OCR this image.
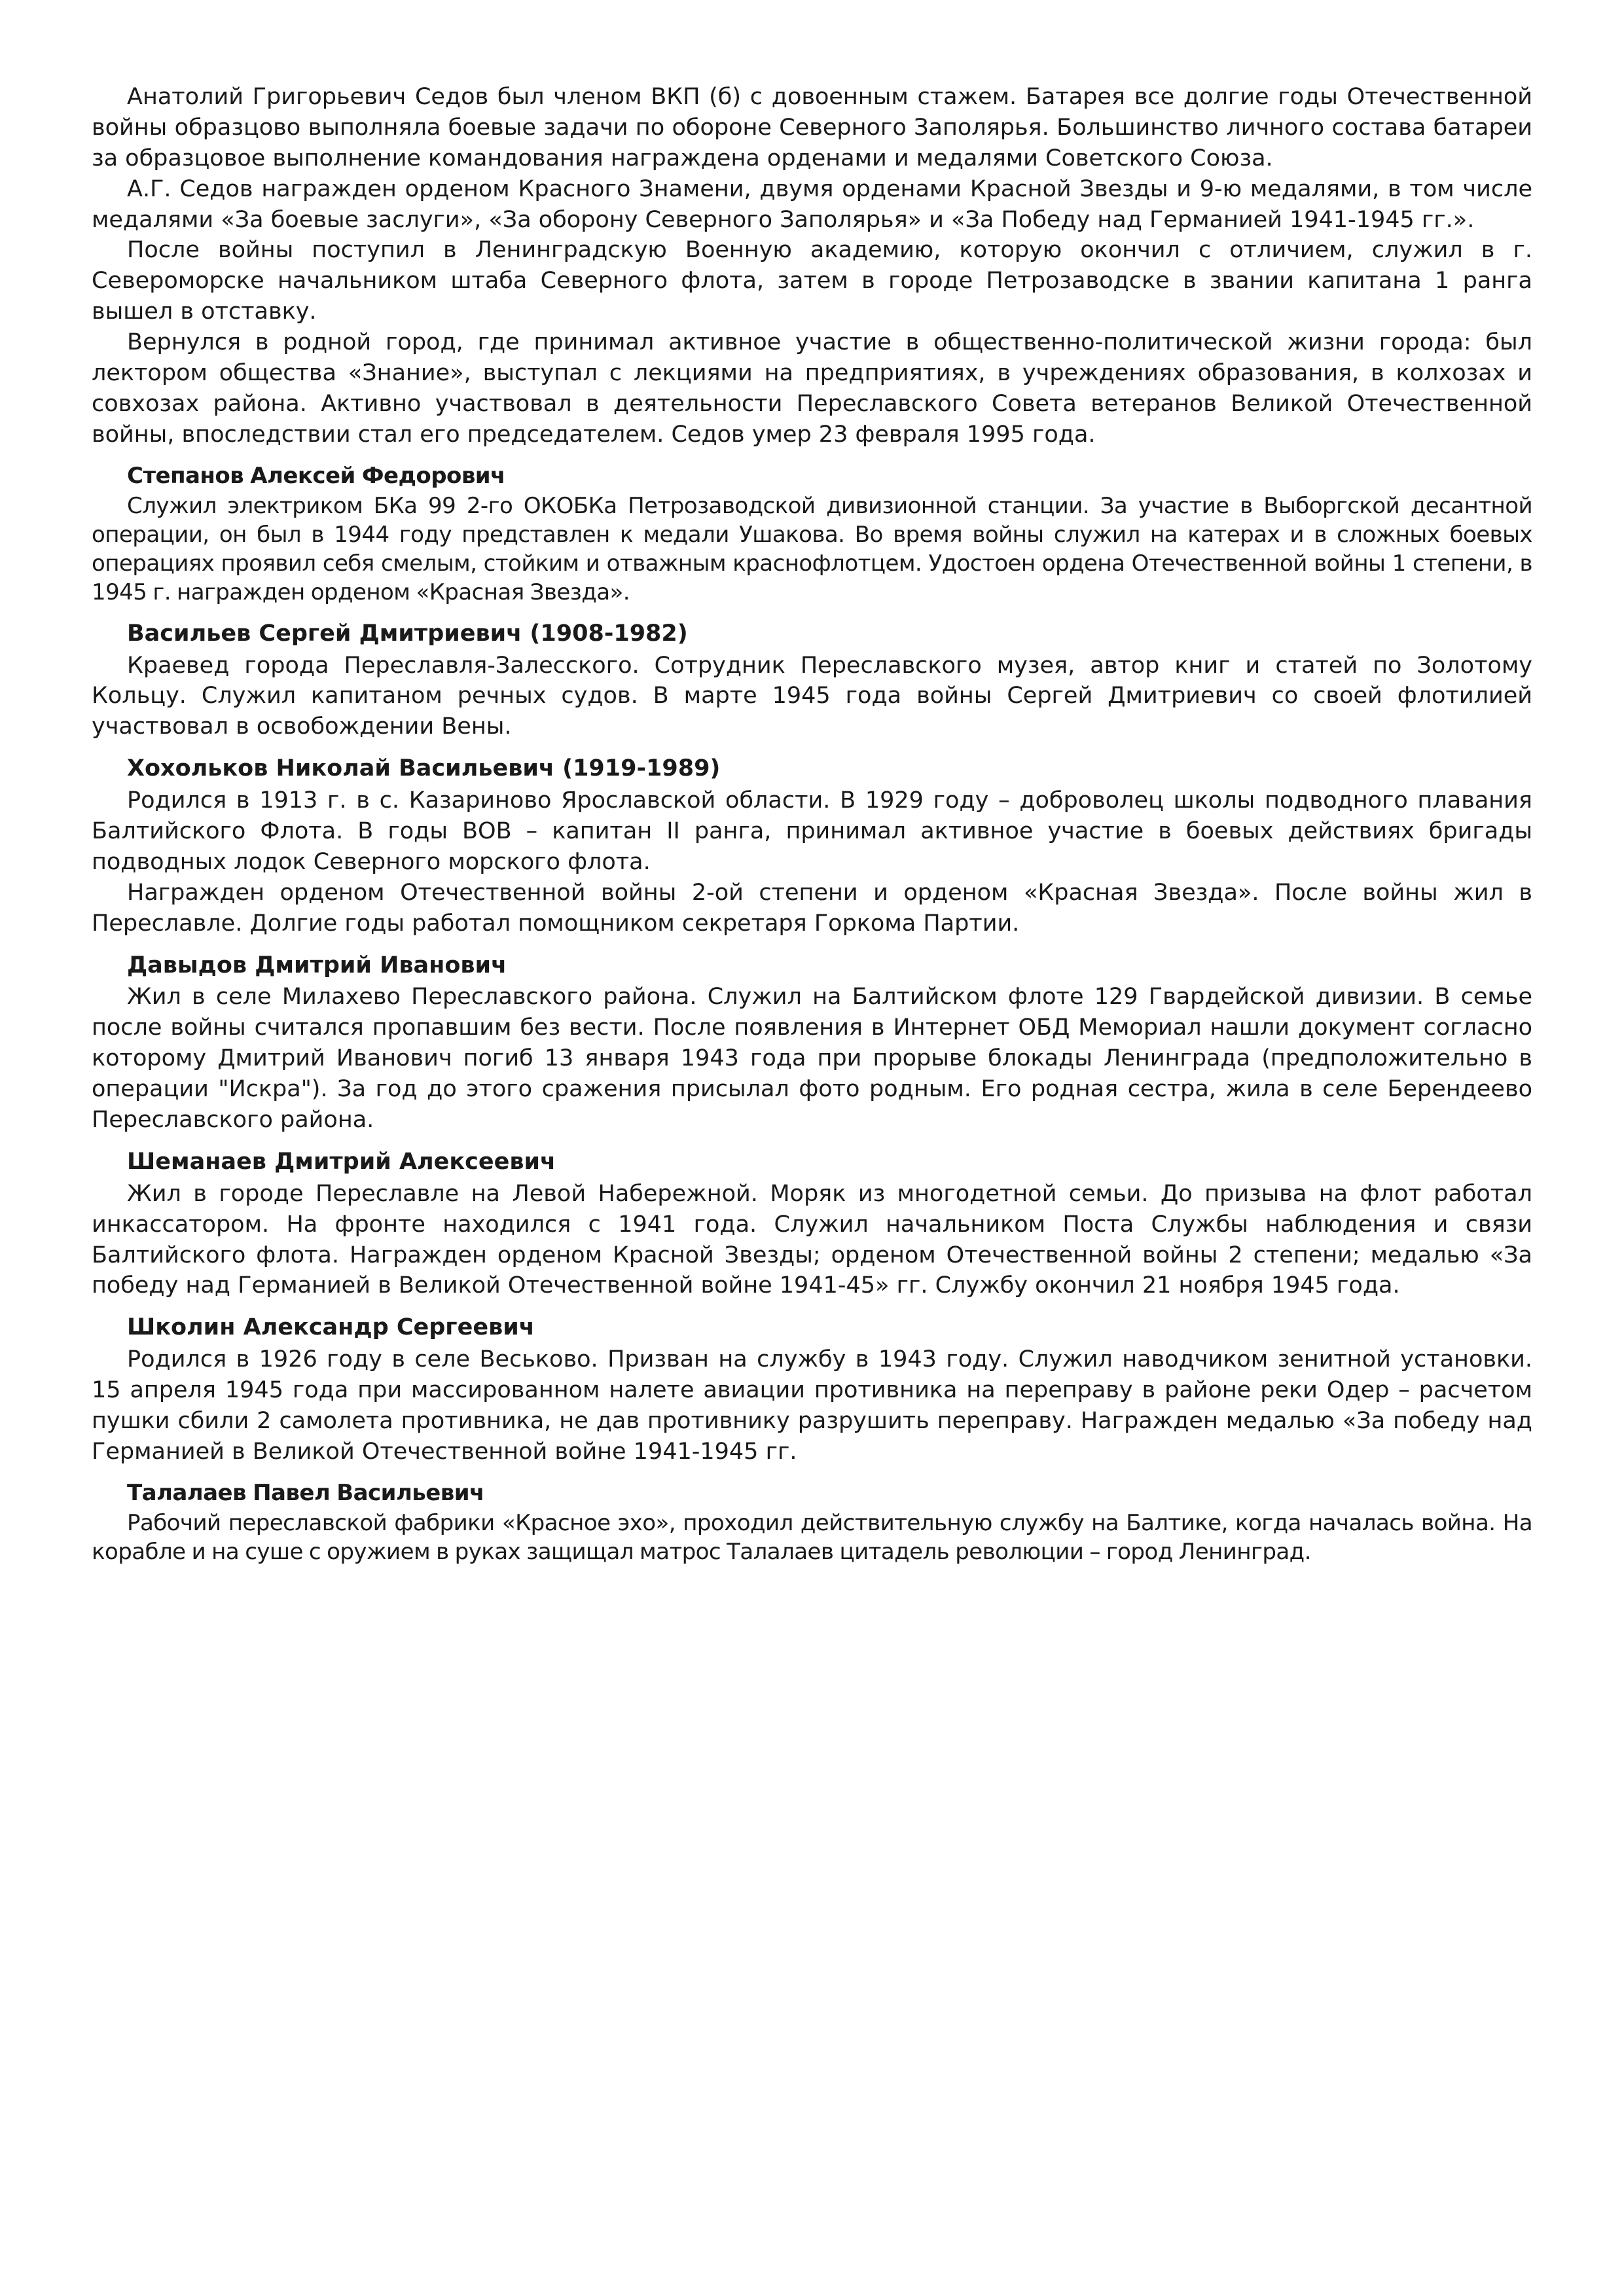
Анатолий Григорьевич Седов был членом ВКП (б) с довоенным стажем. Батарея все долгие годы Отечественной войны образцово выполняла боевые задачи по обороне Северного Заполярья. Большинство личного состава батареи за образцовое выполнение командования награждена орденами и медалями Советского Союза.

А.Г. Седов награжден орденом Красного Знамени, двумя орденами Красной Звезды и 9-ю медалями, в том числе медалями «За боевые заслуги», «За оборону Северного Заполярья» и «За Победу над Германией 1941-1945 гг.».

После войны поступил в Ленинградскую Военную академию, которую окончил с отличием, служил в г. Североморске начальником штаба Северного флота, затем в городе Петрозаводске в звании капитана 1 ранга вышел в отставку.

Вернулся в родной город, где принимал активное участие в общественно-политической жизни города: был лектором общества «Знание», выступал с лекциями на предприятиях, в учреждениях образования, в колхозах и совхозах района. Активно участвовал в деятельности Переславского Совета ветеранов Великой Отечественной войны, впоследствии стал его председателем. Седов умер 23 февраля 1995 года.

Степанов Алексей Федорович

Служил электриком БКа 99 2-го ОКОБКа Петрозаводской дивизионной станции. За участие в Выборгской десантной операции, он был в 1944 году представлен к медали Ушакова. Во время войны служил на катерах и в сложных боевых операциях проявил себя смелым, стойким и отважным краснофлотцем. Удостоен ордена Отечественной войны 1 степени, в 1945 г. награжден орденом «Красная Звезда».

Васильев Сергей Дмитриевич (1908-1982)

Краевед города Переславля-Залесского. Сотрудник Переславского музея, автор книг и статей по Золотому Кольцу. Служил капитаном речных судов. В марте 1945 года войны Сергей Дмитриевич со своей флотилией участвовал в освобождении Вены.

Хохольков Николай Васильевич (1919-1989)

Родился в 1913 г. в с. Казариново Ярославской области. В 1929 году – доброволец школы подводного плавания Балтийского Флота. В годы ВОВ – капитан II ранга, принимал активное участие в боевых действиях бригады подводных лодок Северного морского флота.

Награжден орденом Отечественной войны 2-ой степени и орденом «Красная Звезда». После войны жил в Переславле. Долгие годы работал помощником секретаря Горкома Партии.

Давыдов Дмитрий Иванович

Жил в селе Милахево Переславского района. Служил на Балтийском флоте 129 Гвардейской дивизии. В семье после войны считался пропавшим без вести. После появления в Интернет ОБД Мемориал нашли документ согласно которому Дмитрий Иванович погиб 13 января 1943 года при прорыве блокады Ленинграда (предположительно в операции "Искра"). За год до этого сражения присылал фото родным. Его родная сестра, жила в селе Берендеево Переславского района.

Шеманаев Дмитрий Алексеевич

Жил в городе Переславле на Левой Набережной. Моряк из многодетной семьи. До призыва на флот работал инкассатором. На фронте находился с 1941 года. Служил начальником Поста Службы наблюдения и связи Балтийского флота. Награжден орденом Красной Звезды; орденом Отечественной войны 2 степени; медалью «За победу над Германией в Великой Отечественной войне 1941-45» гг. Службу окончил 21 ноября 1945 года.

Школин Александр Сергеевич

Родился в 1926 году в селе Веськово. Призван на службу в 1943 году. Служил наводчиком зенитной установки. 15 апреля 1945 года при массированном налете авиации противника на переправу в районе реки Одер – расчетом пушки сбили 2 самолета противника, не дав противнику разрушить переправу. Награжден медалью «За победу над Германией в Великой Отечественной войне 1941-1945 гг.

Талалаев Павел Васильевич

Рабочий переславской фабрики «Красное эхо», проходил действительную службу на Балтике, когда началась война. На корабле и на суше с оружием в руках защищал матрос Талалаев цитадель революции – город Ленинград.
